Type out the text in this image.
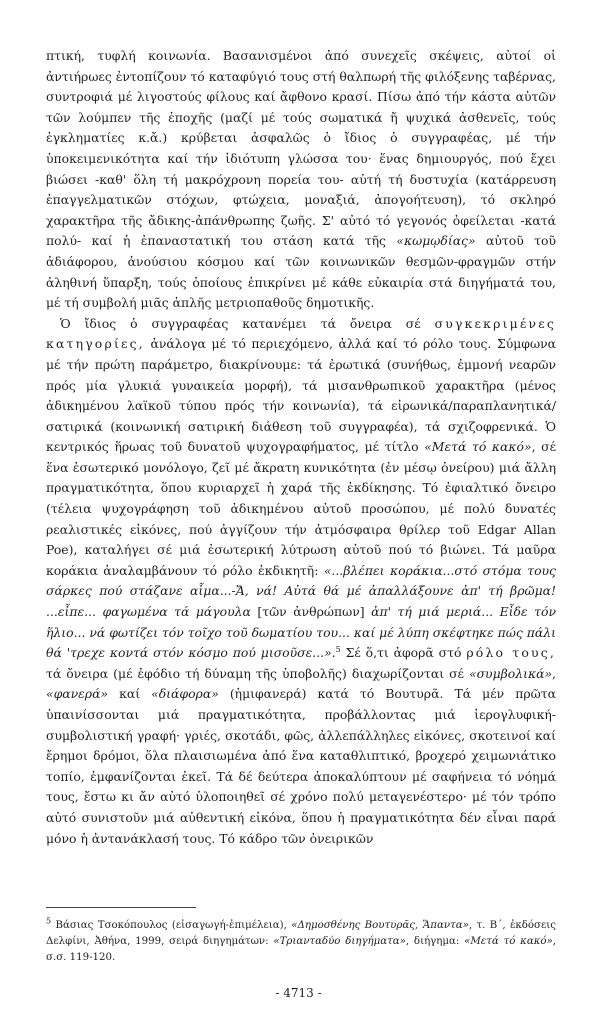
πτική, τυφλή κοινωνία. Βασανισμένοι ἀπό συνεχεῖς σκέψεις, αὐτοί οἱ ἀντιήρωες ἐντοπίζουν τό καταφύγιό τους στή θαλπωρή τῆς φιλόξενης ταβέρνας, συντροφιά μέ λιγοστούς φίλους καί ἄφθονο κρασί. Πίσω ἀπό τήν κάστα αὐτῶν τῶν λούμπεν τῆς ἐποχῆς (μαζί μέ τούς σωματικά ἤ ψυχικά ἀσθενεῖς, τούς ἐγκληματίες κ.ἄ.) κρύβεται ἀσφαλῶς ὁ ἴδιος ὁ συγγραφέας, μέ τήν ὑποκειμενικότητα καί τήν ἰδιότυπη γλώσσα του· ἕνας δημιουργός, πού ἔχει βιώσει -καθ' ὅλη τή μακρόχρονη πορεία του- αὐτή τή δυστυχία (κατάρρευση ἐπαγγελματικῶν στόχων, φτώχεια, μοναξιά, ἀπογοήτευση), τό σκληρό χαρακτῆρα τῆς ἄδικης-ἀπάνθρωπης ζωῆς. Σ' αὐτό τό γεγονός ὀφείλεται -κατά πολύ- καί ἡ ἐπαναστατική του στάση κατά τῆς «κωμῳδίας» αὐτοῦ τοῦ ἀδιάφορου, ἀνούσιου κόσμου καί τῶν κοινωνικῶν θεσμῶν-φραγμῶν στήν ἀληθινή ὕπαρξη, τούς ὁποίους ἐπικρίνει μέ κάθε εὐκαιρία στά διηγήματά του, μέ τή συμβολή μιᾶς ἁπλῆς μετριοπαθοῦς δημοτικῆς.

Ὁ ἴδιος ὁ συγγραφέας κατανέμει τά ὄνειρα σέ συγκεκριμένες κατηγορίες, ἀνάλογα μέ τό περιεχόμενο, ἀλλά καί τό ρόλο τους. Σύμφωνα μέ τήν πρώτη παράμετρο, διακρίνουμε: τά ἐρωτικά (συνήθως, ἐμμονή νεαρῶν πρός μία γλυκιά γυναικεία μορφή), τά μισανθρωπικοῦ χαρακτῆρα (μένος ἀδικημένου λαϊκοῦ τύπου πρός τήν κοινωνία), τά εἰρωνικά/παραπλανητικά/σατιρικά (κοινωνική σατιρική διάθεση τοῦ συγγραφέα), τά σχιζοφρενικά. Ὁ κεντρικός ἥρωας τοῦ δυνατοῦ ψυχογραφήματος, μέ τίτλο «Μετά τό κακό», σέ ἕνα ἐσωτερικό μονόλογο, ζεῖ μέ ἄκρατη κυνικότητα (ἐν μέσῳ ὀνείρου) μιά ἄλλη πραγματικότητα, ὅπου κυριαρχεῖ ἡ χαρά τῆς ἐκδίκησης. Τό ἐφιαλτικό ὄνειρο (τέλεια ψυχογράφηση τοῦ ἀδικημένου αὐτοῦ προσώπου, μέ πολύ δυνατές ρεαλιστικές εἰκόνες, πού ἀγγίζουν τήν ἀτμόσφαιρα θρίλερ τοῦ Edgar Allan Poe), καταλήγει σέ μιά ἐσωτερική λύτρωση αὐτοῦ πού τό βιώνει. Τά μαῦρα κοράκια ἀναλαμβάνουν τό ρόλο ἐκδικητῆ: «...βλέπει κοράκια...στό στόμα τους σάρκες πού στάζανε αἷμα...-Ἄ, νά! Αὐτά θά μέ ἀπαλλάξουνε ἀπ' τή βρῶμα! ...εἶπε... φαγωμένα τά μάγουλα [τῶν ἀνθρώπων] ἀπ' τή μιά μεριά... Εἶδε τόν ἥλιο... νά φωτίζει τόν τοῖχο τοῦ δωματίου του... καί μέ λύπη σκέφτηκε πώς πάλι θά 'τρεχε κοντά στόν κόσμο πού μισοῦσε...».$^5$ Σέ ὅ,τι ἀφορᾶ στό ρόλο τους, τά ὄνειρα (μέ ἐφόδιο τή δύναμη τῆς ὑποβολῆς) διαχωρίζονται σέ «συμβολικά», «φανερά» καί «διάφορα» (ἡμιφανερά) κατά τό Βουτυρᾶ. Τά μέν πρῶτα ὑπαινίσσονται μιά πραγματικότητα, προβάλλοντας μιά ἱερογλυφική-συμβολιστική γραφή· γριές, σκοτάδι, φῶς, ἀλλεπάλληλες εἰκόνες, σκοτεινοί καί ἔρημοι δρόμοι, ὅλα πλαισιωμένα ἀπό ἕνα καταθλιπτικό, βροχερό χειμωνιάτικο τοπίο, ἐμφανίζονται ἐκεῖ. Τά δέ δεύτερα ἀποκαλύπτουν μέ σαφήνεια τό νόημά τους, ἔστω κι ἄν αὐτό ὑλοποιηθεῖ σέ χρόνο πολύ μεταγενέστερο· μέ τόν τρόπο αὐτό συνιστοῦν μιά αὐθεντική εἰκόνα, ὅπου ἡ πραγματικότητα δέν εἶναι παρά μόνο ἡ ἀντανάκλασή τους. Τό κάδρο τῶν ὀνειρικῶν

$^5$ Βάσιας Τσοκόπουλος (εἰσαγωγή-ἐπιμέλεια), «Δημοσθένης Βουτυρᾶς, Ἅπαντα», τ. Β΄, ἐκδόσεις Δελφίνι, Ἀθήνα, 1999, σειρά διηγημάτων: «Τριανταδύο διηγήματα», διήγημα: «Μετά τό κακό», σ.σ. 119-120.
- 4713 -
